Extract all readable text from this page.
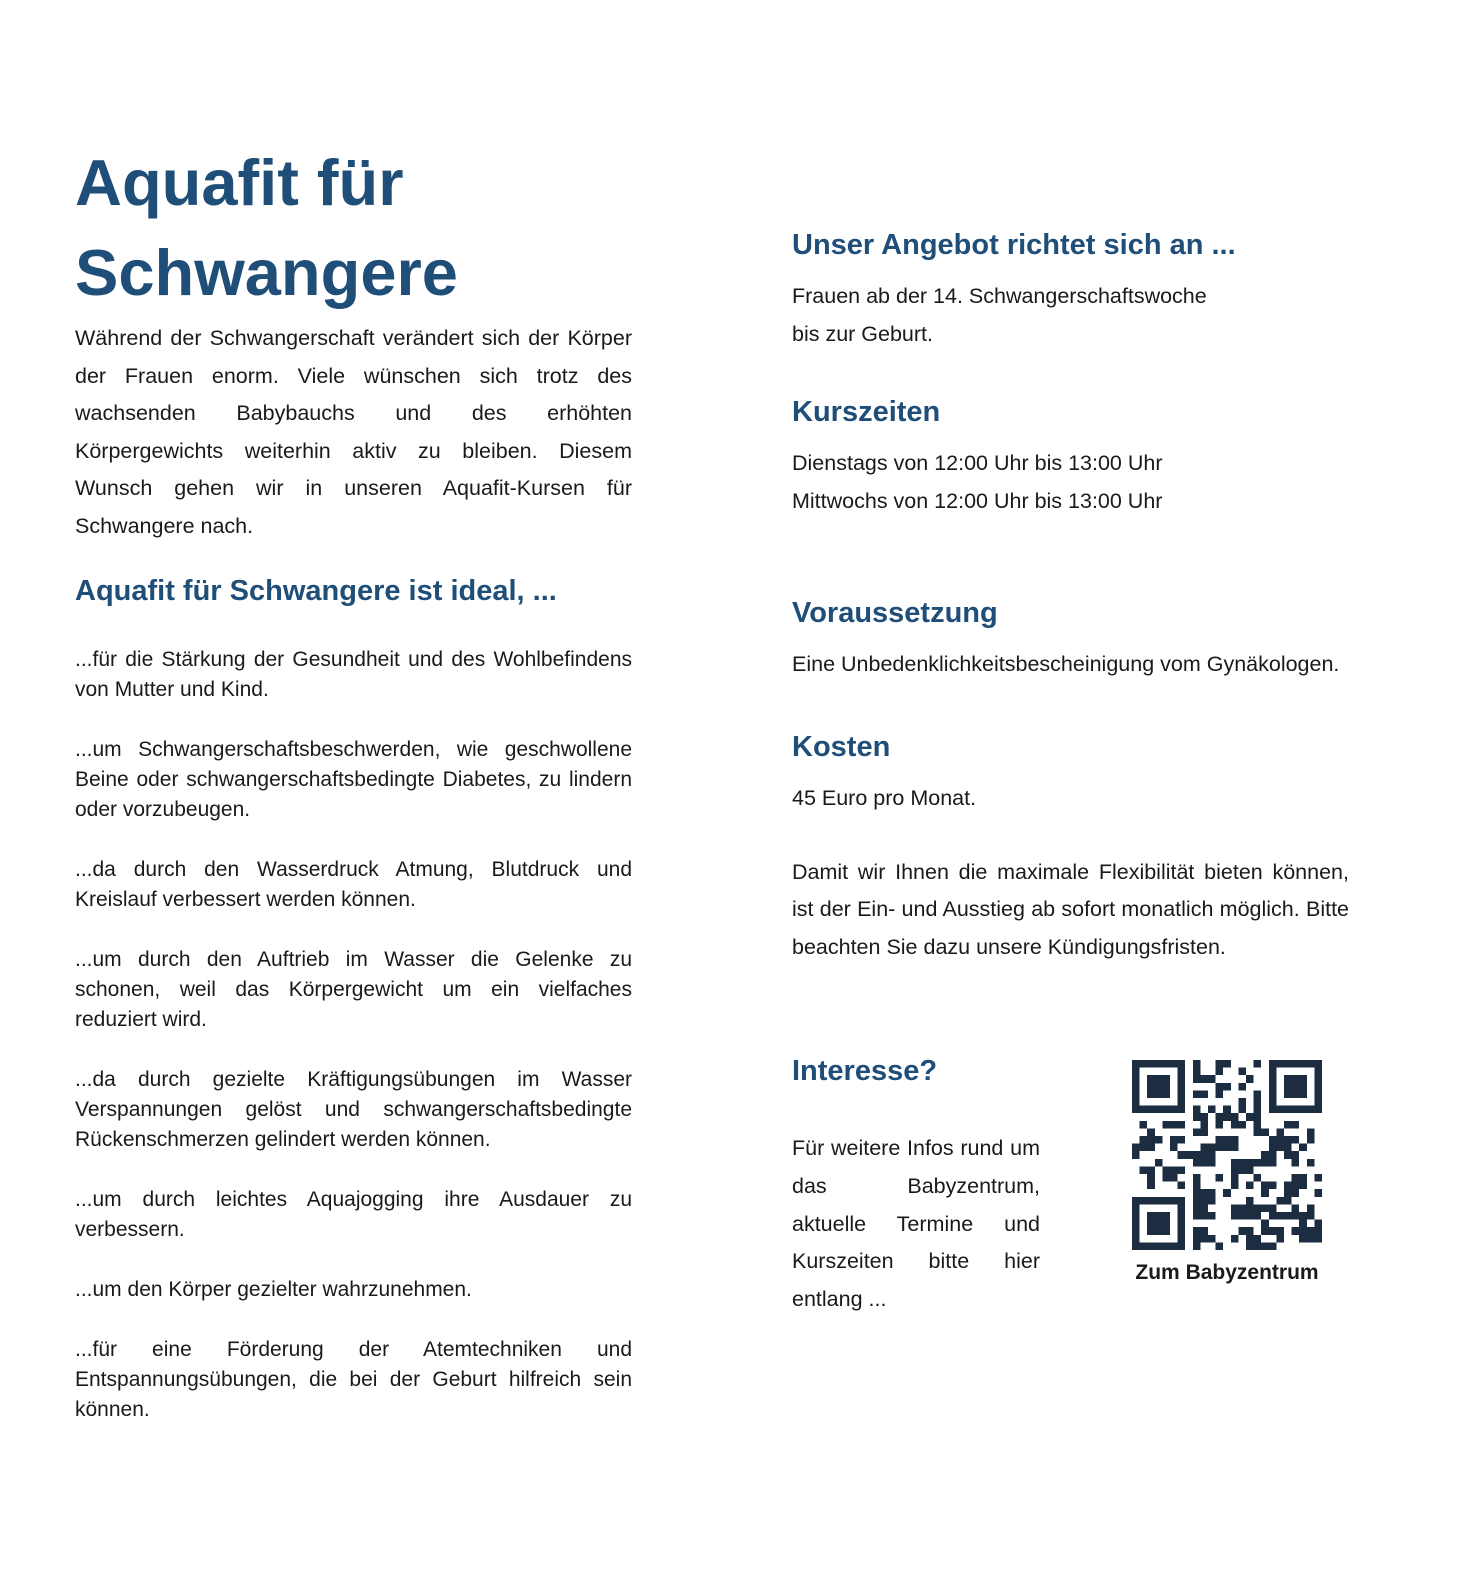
Aquafit für
Schwangere

Während der Schwangerschaft verändert sich der Körper der Frauen enorm. Viele wünschen sich trotz des wachsenden Babybauchs und des erhöhten Körpergewichts weiterhin aktiv zu bleiben. Diesem Wunsch gehen wir in unseren Aquafit-Kursen für Schwangere nach.

Aquafit für Schwangere ist ideal, ...
...für die Stärkung der Gesundheit und des Wohlbefindens von Mutter und Kind.
...um Schwangerschaftsbeschwerden, wie geschwollene Beine oder schwangerschaftsbedingte Diabetes, zu lindern oder vorzubeugen.
...da durch den Wasserdruck Atmung, Blutdruck und Kreislauf verbessert werden können.
...um durch den Auftrieb im Wasser die Gelenke zu schonen, weil das Körpergewicht um ein vielfaches reduziert wird.
...da durch gezielte Kräftigungsübungen im Wasser Verspannungen gelöst und schwangerschaftsbedingte Rückenschmerzen gelindert werden können.
...um durch leichtes Aquajogging ihre Ausdauer zu verbessern.
...um den Körper gezielter wahrzunehmen.
...für eine Förderung der Atemtechniken und Entspannungsübungen, die bei der Geburt hilfreich sein können.
Unser Angebot richtet sich an ...

Frauen ab der 14. Schwangerschaftswoche

bis zur Geburt.

Kurszeiten

Dienstags von 12:00 Uhr bis 13:00 Uhr

Mittwochs von 12:00 Uhr bis 13:00 Uhr

Voraussetzung

Eine Unbedenklichkeitsbescheinigung vom Gynäkologen.

Kosten

45 Euro pro Monat.

Damit wir Ihnen die maximale Flexibilität bieten können, ist der Ein- und Ausstieg ab sofort monatlich möglich. Bitte beachten Sie dazu unsere Kündigungsfristen.

Interesse?

Für weitere Infos rund um das Babyzentrum, aktuelle Termine und Kurszeiten bitte hier entlang ...

Zum Babyzentrum
